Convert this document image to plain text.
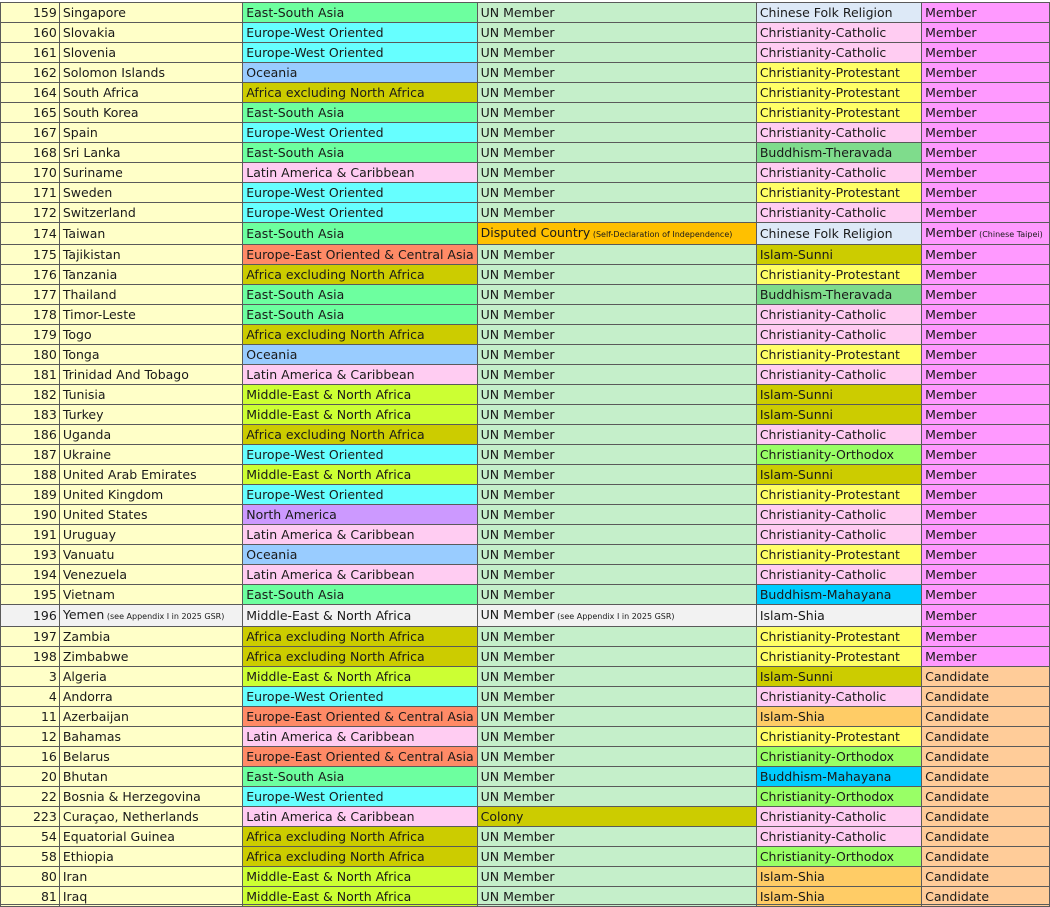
159	Singapore	East-South Asia	UN Member	Chinese Folk Religion	Member
160	Slovakia	Europe-West Oriented	UN Member	Christianity-Catholic	Member
161	Slovenia	Europe-West Oriented	UN Member	Christianity-Catholic	Member
162	Solomon Islands	Oceania	UN Member	Christianity-Protestant	Member
164	South Africa	Africa excluding North Africa	UN Member	Christianity-Protestant	Member
165	South Korea	East-South Asia	UN Member	Christianity-Protestant	Member
167	Spain	Europe-West Oriented	UN Member	Christianity-Catholic	Member
168	Sri Lanka	East-South Asia	UN Member	Buddhism-Theravada	Member
170	Suriname	Latin America & Caribbean	UN Member	Christianity-Catholic	Member
171	Sweden	Europe-West Oriented	UN Member	Christianity-Protestant	Member
172	Switzerland	Europe-West Oriented	UN Member	Christianity-Catholic	Member
174	Taiwan	East-South Asia	Disputed Country (Self-Declaration of Independence)	Chinese Folk Religion	Member (Chinese Taipei)
175	Tajikistan	Europe-East Oriented & Central Asia	UN Member	Islam-Sunni	Member
176	Tanzania	Africa excluding North Africa	UN Member	Christianity-Protestant	Member
177	Thailand	East-South Asia	UN Member	Buddhism-Theravada	Member
178	Timor-Leste	East-South Asia	UN Member	Christianity-Catholic	Member
179	Togo	Africa excluding North Africa	UN Member	Christianity-Catholic	Member
180	Tonga	Oceania	UN Member	Christianity-Protestant	Member
181	Trinidad And Tobago	Latin America & Caribbean	UN Member	Christianity-Catholic	Member
182	Tunisia	Middle-East & North Africa	UN Member	Islam-Sunni	Member
183	Turkey	Middle-East & North Africa	UN Member	Islam-Sunni	Member
186	Uganda	Africa excluding North Africa	UN Member	Christianity-Catholic	Member
187	Ukraine	Europe-West Oriented	UN Member	Christianity-Orthodox	Member
188	United Arab Emirates	Middle-East & North Africa	UN Member	Islam-Sunni	Member
189	United Kingdom	Europe-West Oriented	UN Member	Christianity-Protestant	Member
190	United States	North America	UN Member	Christianity-Catholic	Member
191	Uruguay	Latin America & Caribbean	UN Member	Christianity-Catholic	Member
193	Vanuatu	Oceania	UN Member	Christianity-Protestant	Member
194	Venezuela	Latin America & Caribbean	UN Member	Christianity-Catholic	Member
195	Vietnam	East-South Asia	UN Member	Buddhism-Mahayana	Member
196	Yemen (see Appendix I in 2025 GSR)	Middle-East & North Africa	UN Member (see Appendix I in 2025 GSR)	Islam-Shia	Member
197	Zambia	Africa excluding North Africa	UN Member	Christianity-Protestant	Member
198	Zimbabwe	Africa excluding North Africa	UN Member	Christianity-Protestant	Member
3	Algeria	Middle-East & North Africa	UN Member	Islam-Sunni	Candidate
4	Andorra	Europe-West Oriented	UN Member	Christianity-Catholic	Candidate
11	Azerbaijan	Europe-East Oriented & Central Asia	UN Member	Islam-Shia	Candidate
12	Bahamas	Latin America & Caribbean	UN Member	Christianity-Protestant	Candidate
16	Belarus	Europe-East Oriented & Central Asia	UN Member	Christianity-Orthodox	Candidate
20	Bhutan	East-South Asia	UN Member	Buddhism-Mahayana	Candidate
22	Bosnia & Herzegovina	Europe-West Oriented	UN Member	Christianity-Orthodox	Candidate
223	Curaçao, Netherlands	Latin America & Caribbean	Colony	Christianity-Catholic	Candidate
54	Equatorial Guinea	Africa excluding North Africa	UN Member	Christianity-Catholic	Candidate
58	Ethiopia	Africa excluding North Africa	UN Member	Christianity-Orthodox	Candidate
80	Iran	Middle-East & North Africa	UN Member	Islam-Shia	Candidate
81	Iraq	Middle-East & North Africa	UN Member	Islam-Shia	Candidate
